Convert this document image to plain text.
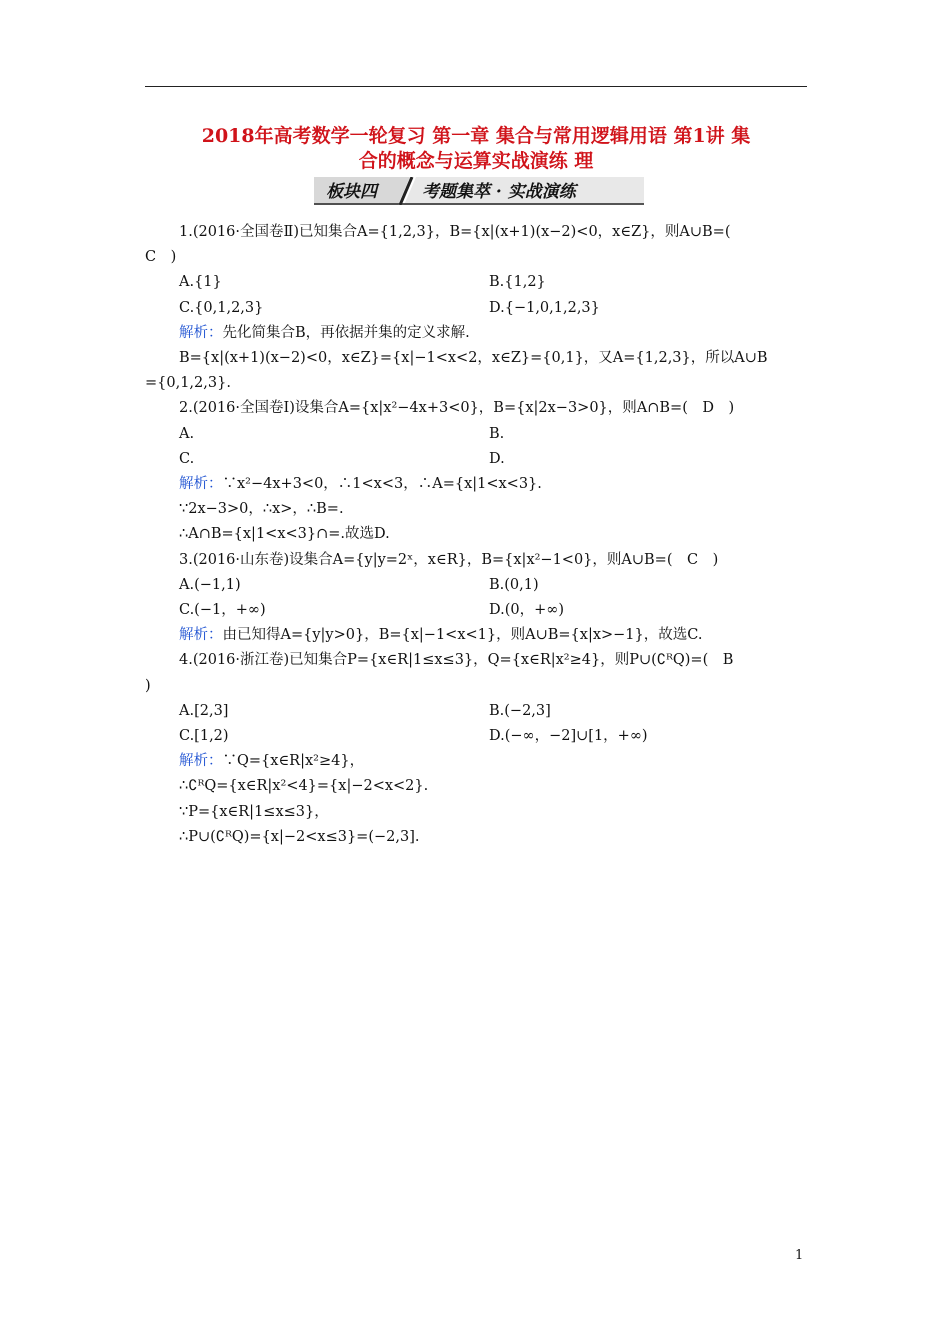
2018年高考数学一轮复习 第一章 集合与常用逻辑用语 第1讲 集
合的概念与运算实战演练 理
板块四	考题集萃 · 实战演练
1.(2016·全国卷Ⅱ)已知集合A={1,2,3}，B={x|(x+1)(x−2)<0，x∈Z}，则A∪B=(
C　)
A.{1}	B.{1,2}
C.{0,1,2,3}	D.{−1,0,1,2,3}
解析：先化简集合B，再依据并集的定义求解.
B={x|(x+1)(x−2)<0，x∈Z}={x|−1<x<2，x∈Z}={0,1}，又A={1,2,3}，所以A∪B
={0,1,2,3}.
2.(2016·全国卷Ⅰ)设集合A={x|x²−4x+3<0}，B={x|2x−3>0}，则A∩B=(　D　)
A.	B.
C.	D.
解析：∵x²−4x+3<0，∴1<x<3，∴A={x|1<x<3}.
∵2x−3>0，∴x>，∴B=.
∴A∩B={x|1<x<3}∩=.故选D.
3.(2016·山东卷)设集合A={y|y=2ˣ，x∈R}，B={x|x²−1<0}，则A∪B=(　C　)
A.(−1,1)	B.(0,1)
C.(−1，+∞)	D.(0，+∞)
解析：由已知得A={y|y>0}，B={x|−1<x<1}，则A∪B={x|x>−1}，故选C.
4.(2016·浙江卷)已知集合P={x∈R|1≤x≤3}，Q={x∈R|x²≥4}，则P∪(∁ᴿQ)=(　B
)
A.[2,3]	B.(−2,3]
C.[1,2)	D.(−∞，−2]∪[1，+∞)
解析：∵Q={x∈R|x²≥4}，
∴∁ᴿQ={x∈R|x²<4}={x|−2<x<2}.
∵P={x∈R|1≤x≤3}，
∴P∪(∁ᴿQ)={x|−2<x≤3}=(−2,3].
1
